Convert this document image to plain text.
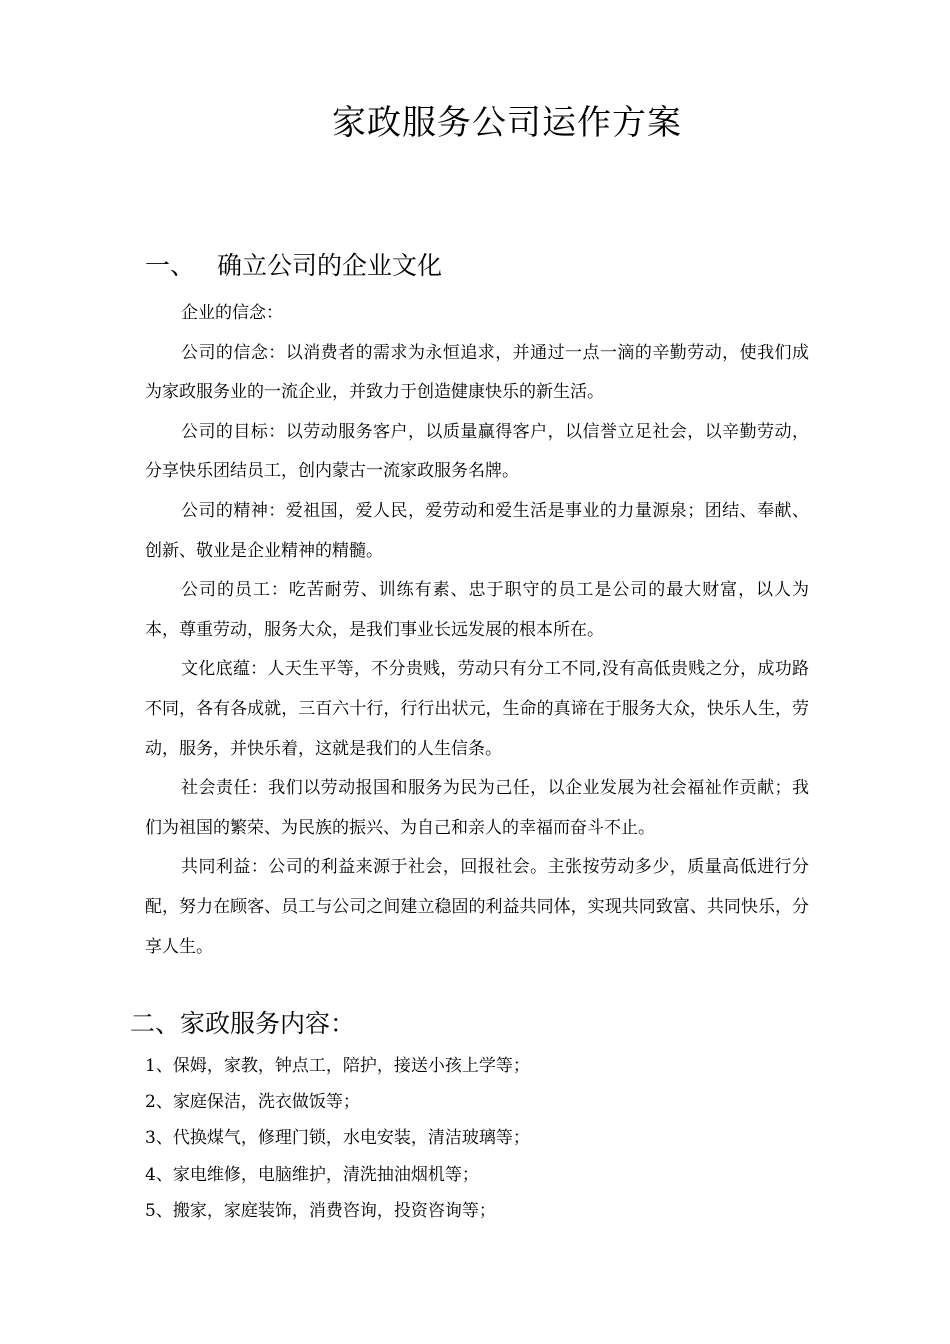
家政服务公司运作方案
一、 确立公司的企业文化

企业的信念：

公司的信念：以消费者的需求为永恒追求，并通过一点一滴的辛勤劳动，使我们成为家政服务业的一流企业，并致力于创造健康快乐的新生活。

公司的目标：以劳动服务客户，以质量赢得客户，以信誉立足社会，以辛勤劳动，分享快乐团结员工，创内蒙古一流家政服务名牌。

公司的精神：爱祖国，爱人民，爱劳动和爱生活是事业的力量源泉；团结、奉献、创新、敬业是企业精神的精髓。

公司的员工：吃苦耐劳、训练有素、忠于职守的员工是公司的最大财富，以人为本，尊重劳动，服务大众，是我们事业长远发展的根本所在。

文化底蕴：人天生平等，不分贵贱，劳动只有分工不同,没有高低贵贱之分，成功路不同，各有各成就，三百六十行，行行出状元，生命的真谛在于服务大众，快乐人生，劳动，服务，并快乐着，这就是我们的人生信条。

社会责任：我们以劳动报国和服务为民为己任，以企业发展为社会福祉作贡献；我们为祖国的繁荣、为民族的振兴、为自己和亲人的幸福而奋斗不止。

共同利益：公司的利益来源于社会，回报社会。主张按劳动多少，质量高低进行分配，努力在顾客、员工与公司之间建立稳固的利益共同体，实现共同致富、共同快乐，分享人生。

二、家政服务内容：
1、保姆，家教，钟点工，陪护，接送小孩上学等；
2、家庭保洁，洗衣做饭等；
3、代换煤气，修理门锁，水电安装，清洁玻璃等；
4、家电维修，电脑维护，清洗抽油烟机等；
5、搬家，家庭装饰，消费咨询，投资咨询等；
